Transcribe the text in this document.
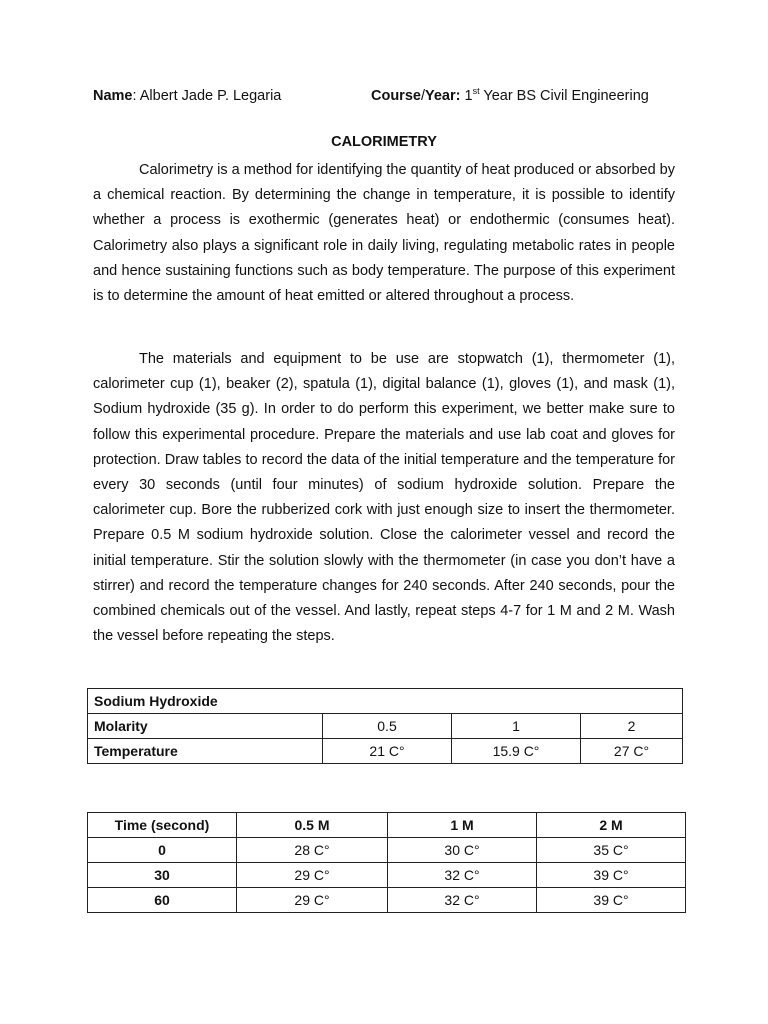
Name: Albert Jade P. Legaria	Course/Year: 1st Year BS Civil Engineering
CALORIMETRY

Calorimetry is a method for identifying the quantity of heat produced or absorbed by a chemical reaction. By determining the change in temperature, it is possible to identify whether a process is exothermic (generates heat) or endothermic (consumes heat). Calorimetry also plays a significant role in daily living, regulating metabolic rates in people and hence sustaining functions such as body temperature. The purpose of this experiment is to determine the amount of heat emitted or altered throughout a process.

The materials and equipment to be use are stopwatch (1), thermometer (1), calorimeter cup (1), beaker (2), spatula (1), digital balance (1), gloves (1), and mask (1), Sodium hydroxide (35 g). In order to do perform this experiment, we better make sure to follow this experimental procedure. Prepare the materials and use lab coat and gloves for protection. Draw tables to record the data of the initial temperature and the temperature for every 30 seconds (until four minutes) of sodium hydroxide solution. Prepare the calorimeter cup. Bore the rubberized cork with just enough size to insert the thermometer. Prepare 0.5 M sodium hydroxide solution. Close the calorimeter vessel and record the initial temperature. Stir the solution slowly with the thermometer (in case you don’t have a stirrer) and record the temperature changes for 240 seconds. After 240 seconds, pour the combined chemicals out of the vessel. And lastly, repeat steps 4-7 for 1 M and 2 M. Wash the vessel before repeating the steps.

Sodium Hydroxide			
Molarity	0.5	1	2
Temperature	21 C°	15.9 C°	27 C°
Time (second)	0.5 M	1 M	2 M
0	28 C°	30 C°	35 C°
30	29 C°	32 C°	39 C°
60	29 C°	32 C°	39 C°
